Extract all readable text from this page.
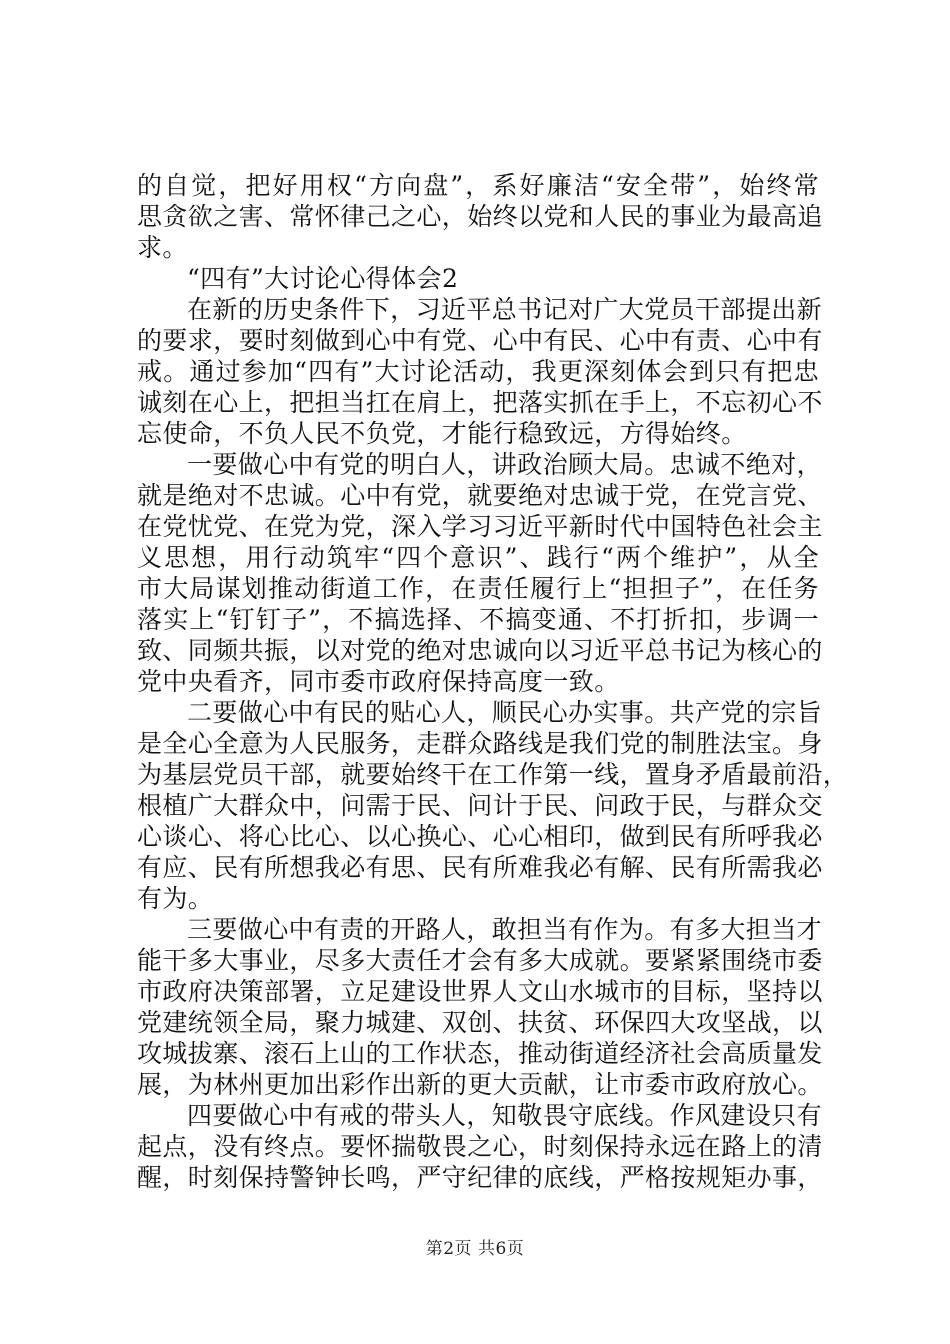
的自觉，把好用权“方向盘”，系好廉洁“安全带”，始终常
思贪欲之害、常怀律己之心，始终以党和人民的事业为最高追
求。
“四有”大讨论心得体会2
在新的历史条件下，习近平总书记对广大党员干部提出新
的要求，要时刻做到心中有党、心中有民、心中有责、心中有
戒。通过参加“四有”大讨论活动，我更深刻体会到只有把忠
诚刻在心上，把担当扛在肩上，把落实抓在手上，不忘初心不
忘使命，不负人民不负党，才能行稳致远，方得始终。
一要做心中有党的明白人，讲政治顾大局。忠诚不绝对，
就是绝对不忠诚。心中有党，就要绝对忠诚于党，在党言党、
在党忧党、在党为党，深入学习习近平新时代中国特色社会主
义思想，用行动筑牢“四个意识”、践行“两个维护”，从全
市大局谋划推动街道工作，在责任履行上“担担子”，在任务
落实上“钉钉子”，不搞选择、不搞变通、不打折扣，步调一
致、同频共振，以对党的绝对忠诚向以习近平总书记为核心的
党中央看齐，同市委市政府保持高度一致。
二要做心中有民的贴心人，顺民心办实事。共产党的宗旨
是全心全意为人民服务，走群众路线是我们党的制胜法宝。身
为基层党员干部，就要始终干在工作第一线，置身矛盾最前沿，
根植广大群众中，问需于民、问计于民、问政于民，与群众交
心谈心、将心比心、以心换心、心心相印，做到民有所呼我必
有应、民有所想我必有思、民有所难我必有解、民有所需我必
有为。
三要做心中有责的开路人，敢担当有作为。有多大担当才
能干多大事业，尽多大责任才会有多大成就。要紧紧围绕市委
市政府决策部署，立足建设世界人文山水城市的目标，坚持以
党建统领全局，聚力城建、双创、扶贫、环保四大攻坚战，以
攻城拔寨、滚石上山的工作状态，推动街道经济社会高质量发
展，为林州更加出彩作出新的更大贡献，让市委市政府放心。
四要做心中有戒的带头人，知敬畏守底线。作风建设只有
起点，没有终点。要怀揣敬畏之心，时刻保持永远在路上的清
醒，时刻保持警钟长鸣，严守纪律的底线，严格按规矩办事，
第2页 共6页
